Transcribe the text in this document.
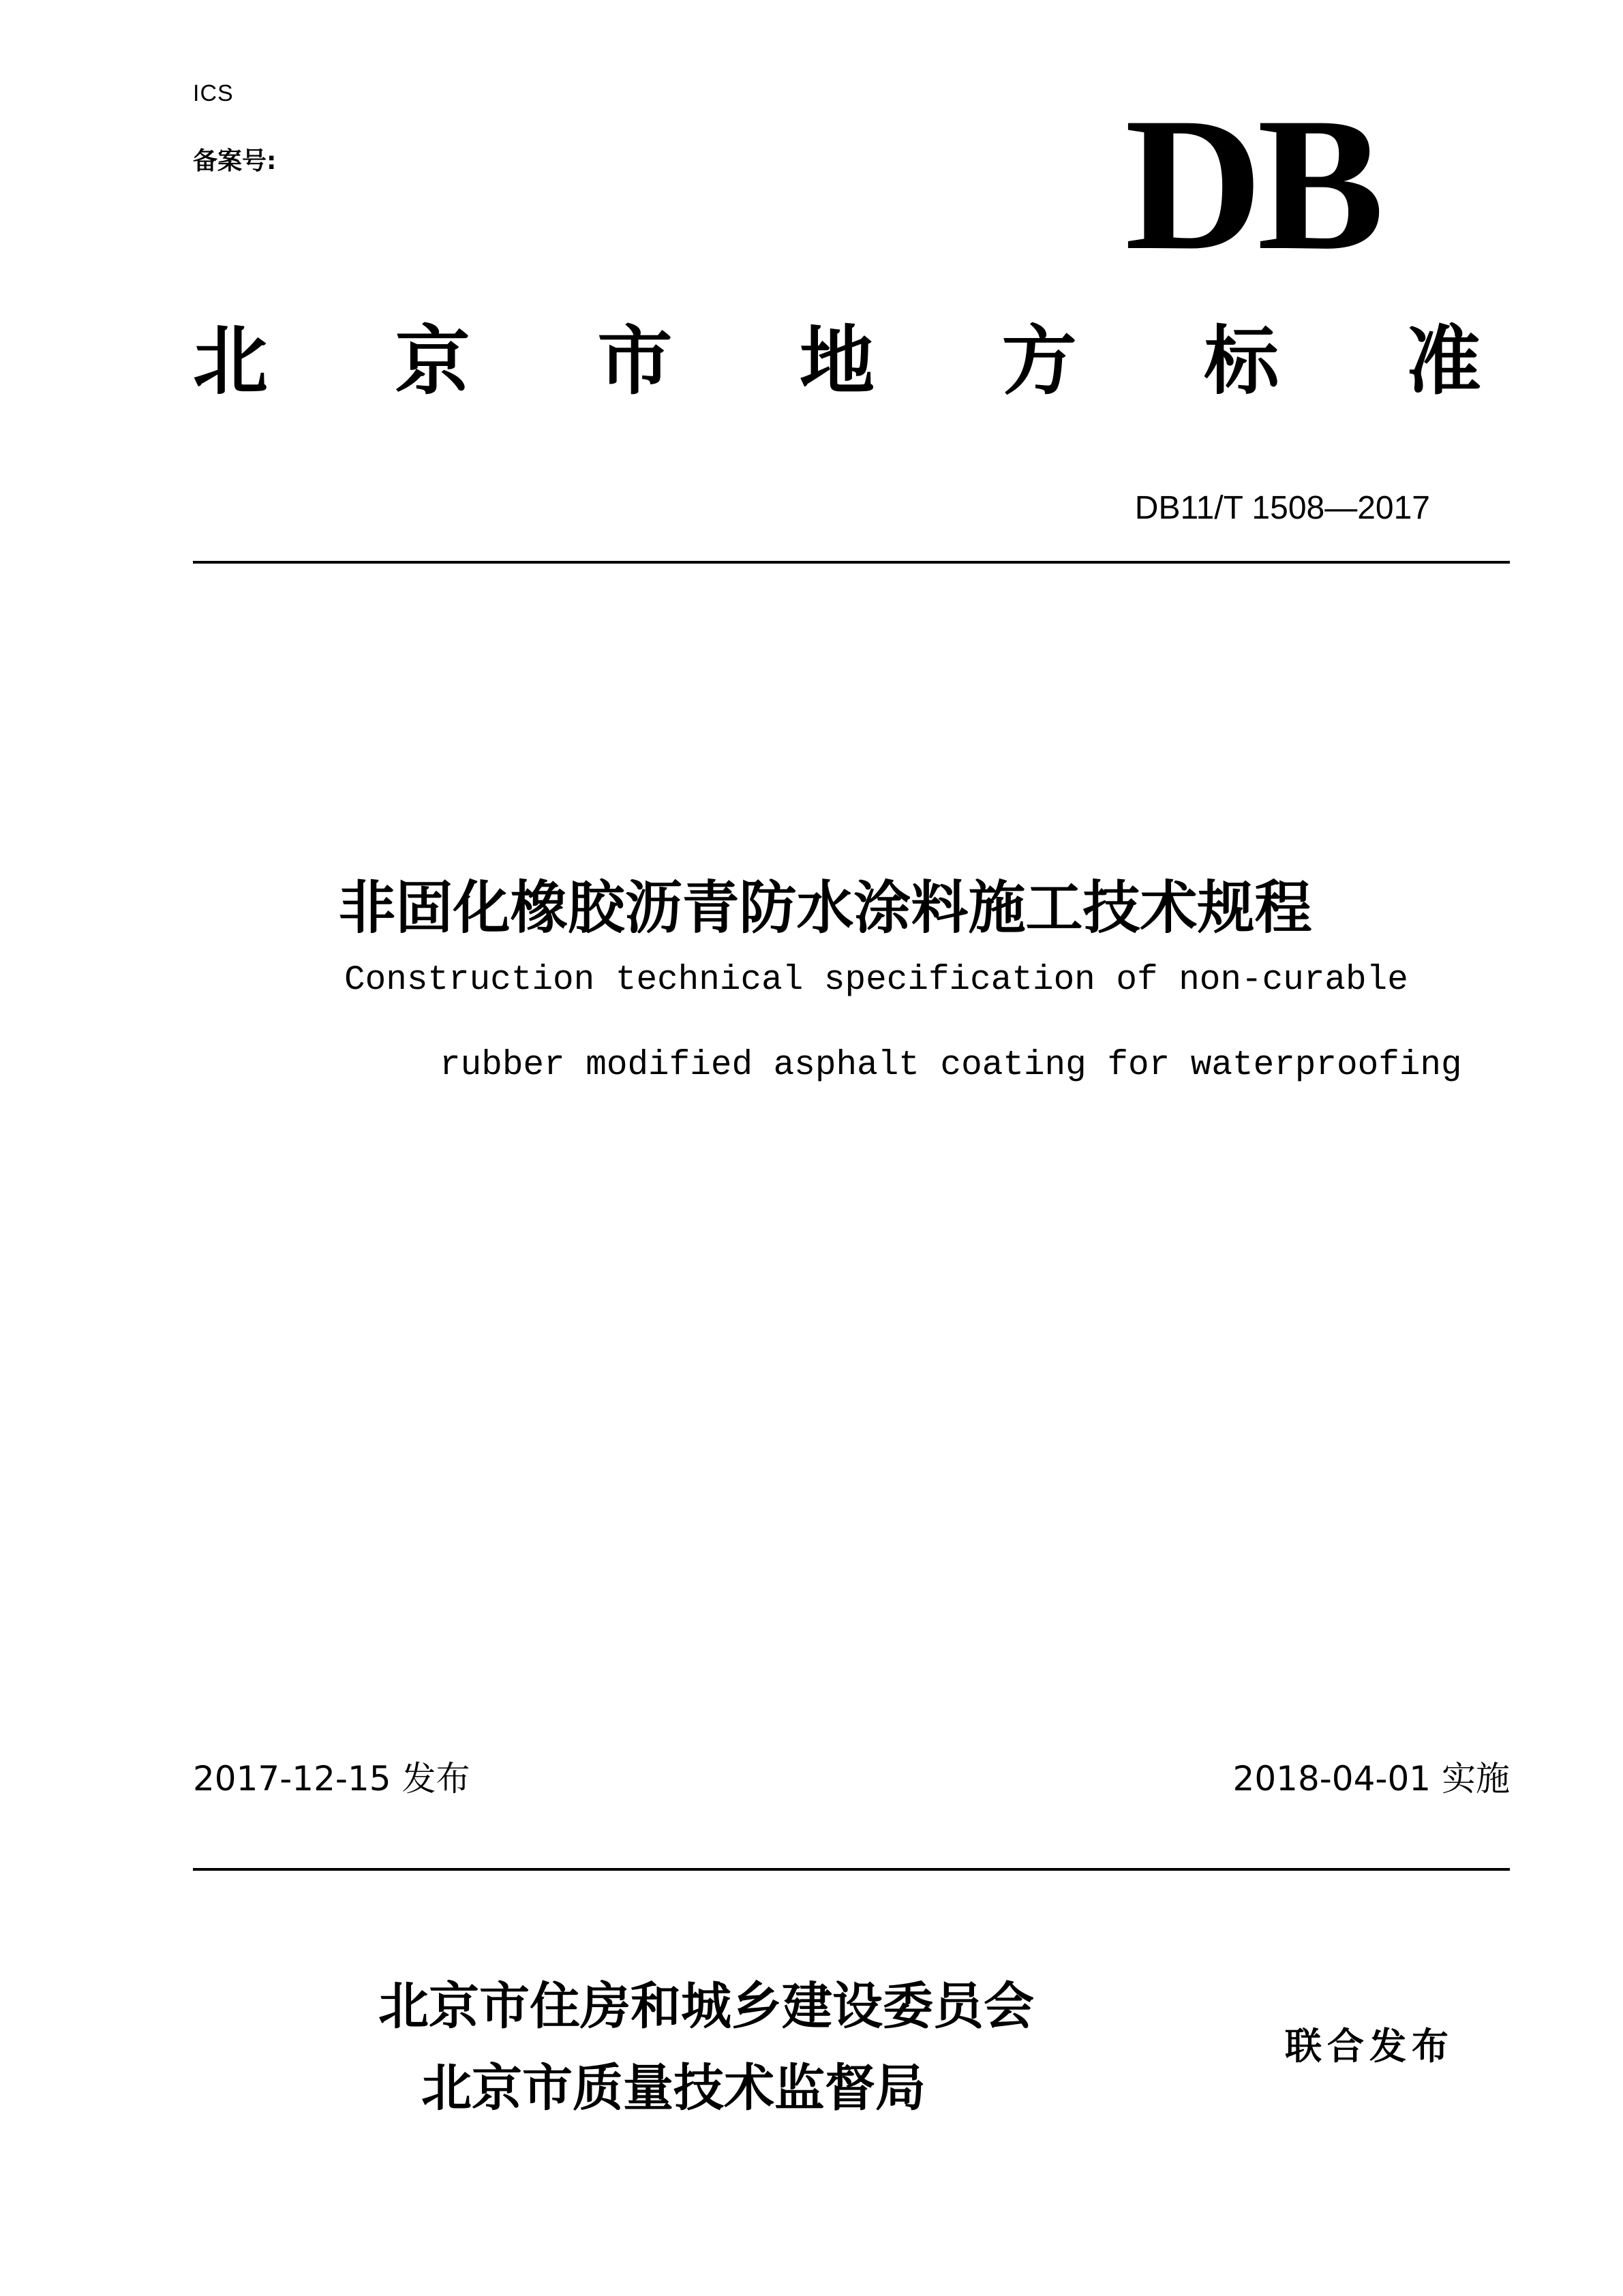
ICS
备案号:	DB
北 京 市 地 方 标 准
DB11/T 1508—2017
非固化橡胶沥青防水涂料施工技术规程
Construction technical specification of non-curable
rubber modified asphalt coating for waterproofing
2017-12-15 发布	2018-04-01 实施
北京市住房和城乡建设委员会
北京市质量技术监督局
联合发布
